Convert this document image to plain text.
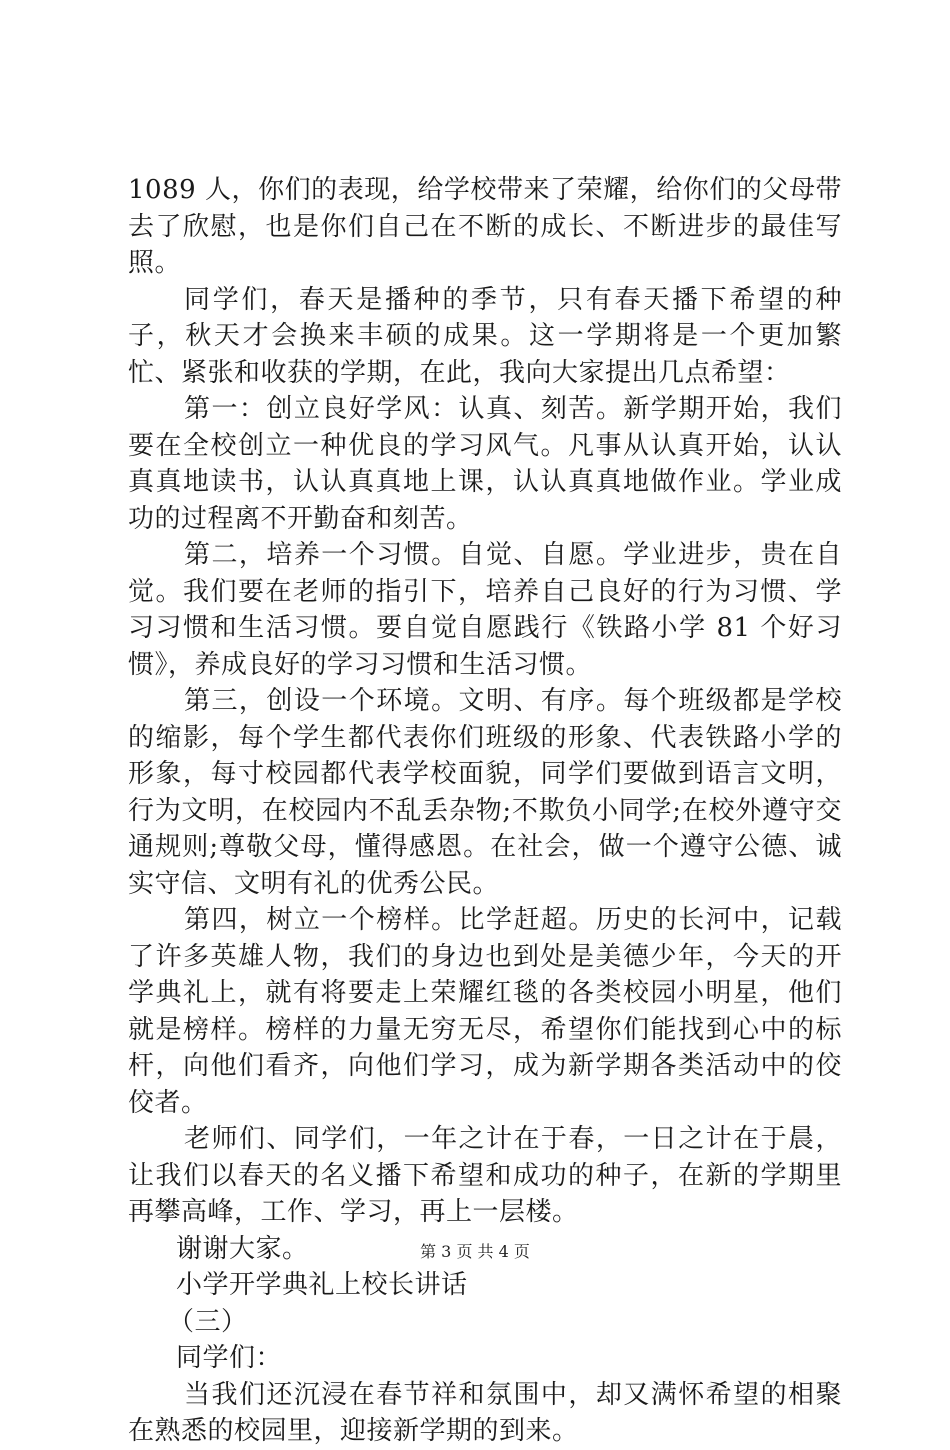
1089 人，你们的表现，给学校带来了荣耀，给你们的父母带去了欣慰，也是你们自己在不断的成长、不断进步的最佳写照。

同学们，春天是播种的季节，只有春天播下希望的种子，秋天才会换来丰硕的成果。这一学期将是一个更加繁忙、紧张和收获的学期，在此，我向大家提出几点希望：

第一：创立良好学风：认真、刻苦。新学期开始，我们要在全校创立一种优良的学习风气。凡事从认真开始，认认真真地读书，认认真真地上课，认认真真地做作业。学业成功的过程离不开勤奋和刻苦。

第二，培养一个习惯。自觉、自愿。学业进步，贵在自觉。我们要在老师的指引下，培养自己良好的行为习惯、学习习惯和生活习惯。要自觉自愿践行《铁路小学 81 个好习惯》，养成良好的学习习惯和生活习惯。

第三，创设一个环境。文明、有序。每个班级都是学校的缩影，每个学生都代表你们班级的形象、代表铁路小学的形象，每寸校园都代表学校面貌，同学们要做到语言文明，行为文明，在校园内不乱丢杂物;不欺负小同学;在校外遵守交通规则;尊敬父母，懂得感恩。在社会，做一个遵守公德、诚实守信、文明有礼的优秀公民。

第四，树立一个榜样。比学赶超。历史的长河中，记载了许多英雄人物，我们的身边也到处是美德少年，今天的开学典礼上，就有将要走上荣耀红毯的各类校园小明星，他们就是榜样。榜样的力量无穷无尽，希望你们能找到心中的标杆，向他们看齐，向他们学习，成为新学期各类活动中的佼佼者。

老师们、同学们，一年之计在于春，一日之计在于晨，让我们以春天的名义播下希望和成功的种子，在新的学期里再攀高峰，工作、学习，再上一层楼。

谢谢大家。

小学开学典礼上校长讲话

（三）

同学们：

当我们还沉浸在春节祥和氛围中，却又满怀希望的相聚在熟悉的校园里，迎接新学期的到来。

第 3 页 共 4 页
